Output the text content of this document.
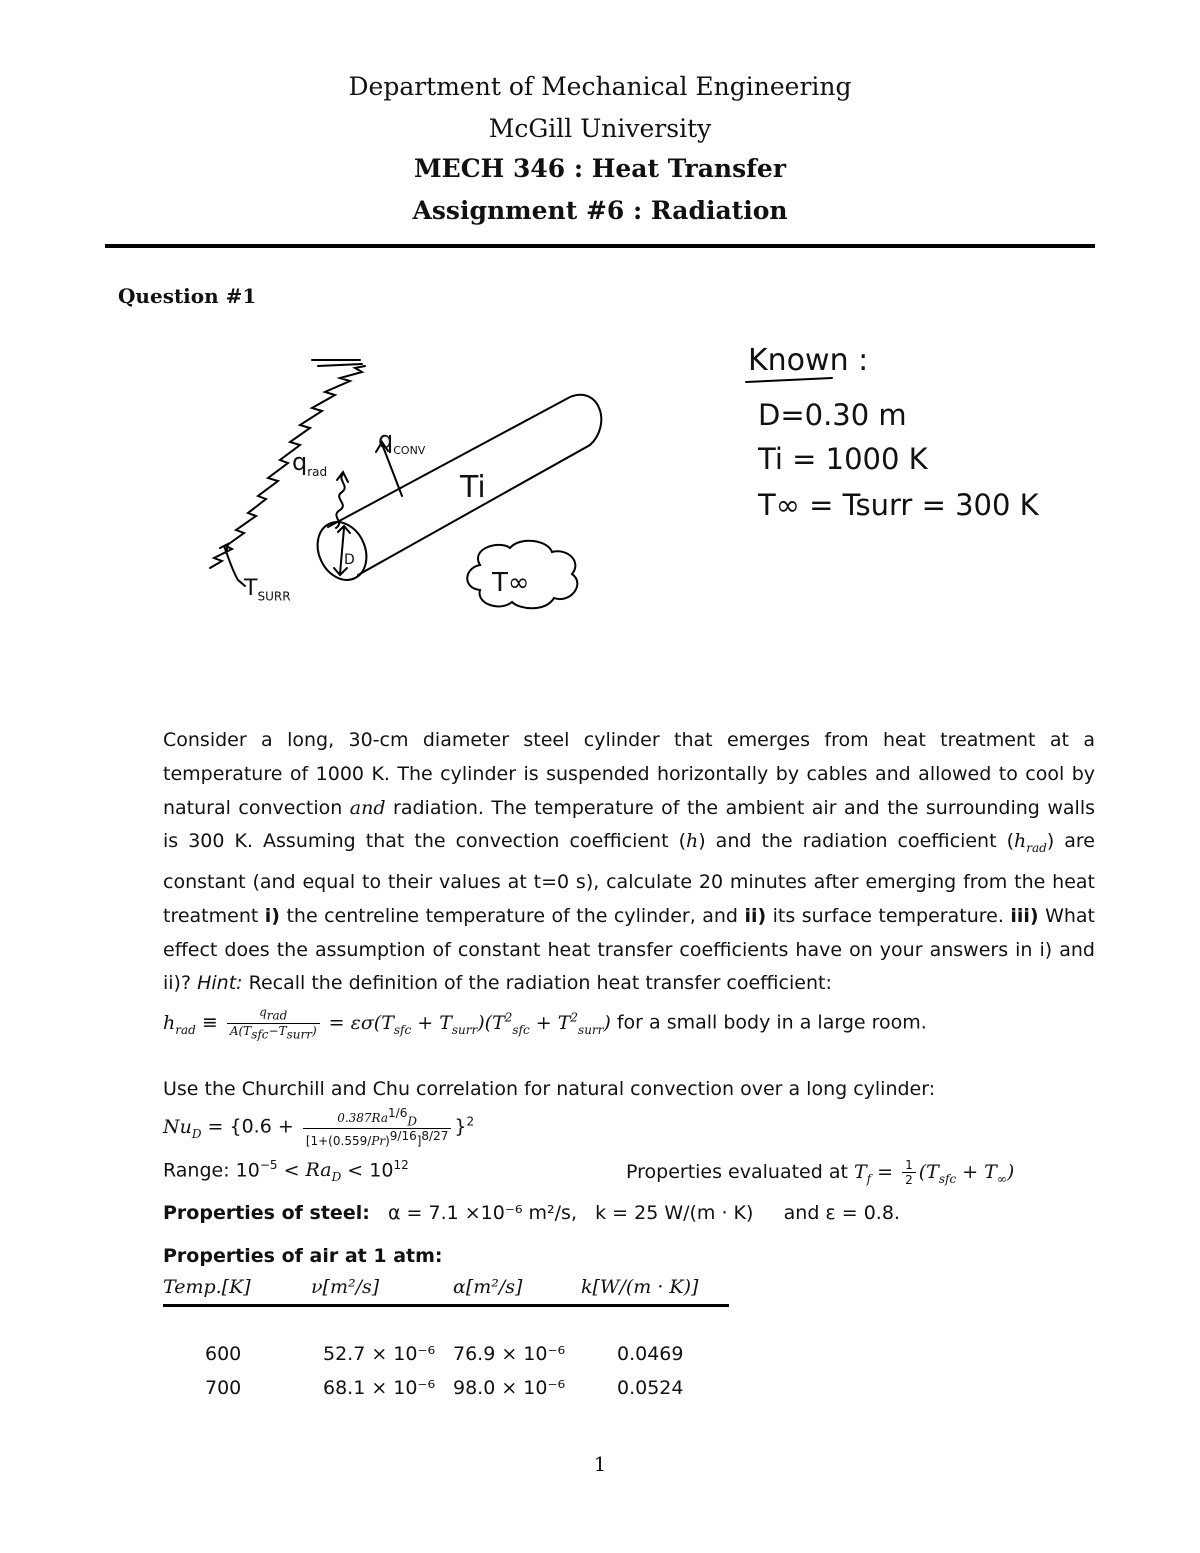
Department of Mechanical Engineering
McGill University
MECH 346 : Heat Transfer
Assignment #6 : Radiation
Question #1
$q_{rad}$
$q_{CONV}$
Ti
D
T∞
$T_{SURR}$
Known :
D=0.30 m
Ti = 1000 K
T∞ = Tsurr = 300 K

Consider a long, 30-cm diameter steel cylinder that emerges from heat treatment at a temperature of 1000 K. The cylinder is suspended horizontally by cables and allowed to cool by natural convection and radiation. The temperature of the ambient air and the surrounding walls is 300 K. Assuming that the convection coefficient (h) and the radiation coefficient $(h_{rad})$ are constant (and equal to their values at t=0 s), calculate 20 minutes after emerging from the heat treatment i) the centreline temperature of the cylinder, and ii) its surface temperature. iii) What effect does the assumption of constant heat transfer coefficients have on your answers in i) and ii)? Hint: Recall the definition of the radiation heat transfer coefficient:

$h_{rad} \equiv \frac{q_{rad}}{A(T_{sfc}-T_{surr})} = \varepsilon\sigma(T_{sfc} + T_{surr})(T^2_{sfc} + T^2_{surr})$ for a small body in a large room.
Use the Churchill and Chu correlation for natural convection over a long cylinder:
$Nu_D = \{0.6 + \frac{0.387Ra^{1/6}_D}{[1+(0.559/Pr)^{9/16}]^{8/27}} \}^2$
Range: $10^{-5} < Ra_D < 10^{12}$	Properties evaluated at $T_f = \frac{1}{2} (T_{sfc} + T_\infty)$
Properties of steel: α = 7.1 ×10⁻⁶ m²/s, k = 25 W/(m · K) and ε = 0.8.
Properties of air at 1 atm:
Temp.[K]	ν[m²/s]	α[m²/s]	k[W/(m · K)]

600	52.7 × 10⁻⁶	76.9 × 10⁻⁶	0.0469
700	68.1 × 10⁻⁶	98.0 × 10⁻⁶	0.0524
1
